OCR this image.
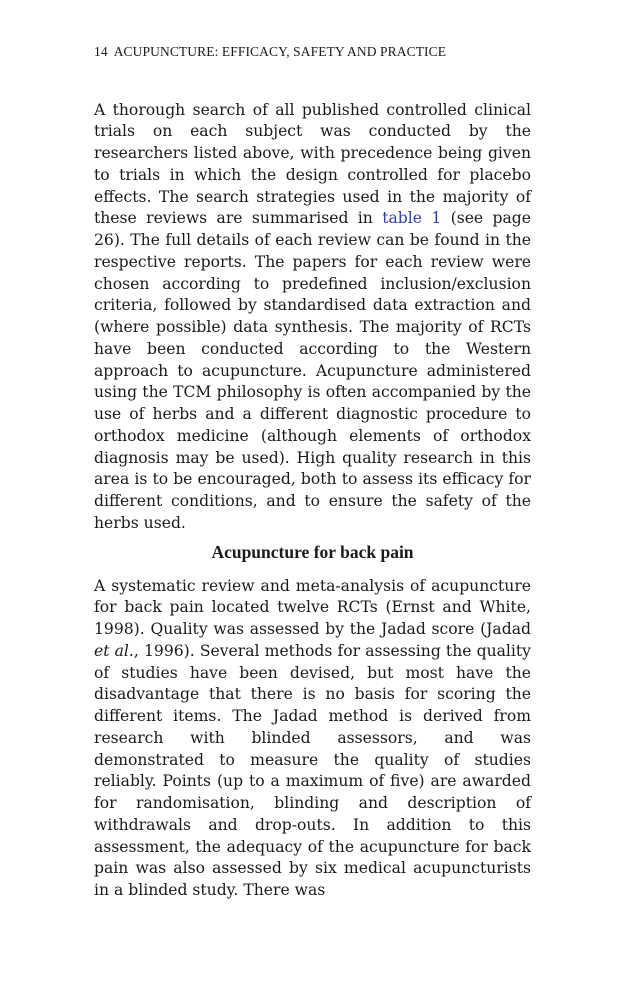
14 ACUPUNCTURE: EFFICACY, SAFETY AND PRACTICE

A thorough search of all published controlled clinical trials on each subject was conducted by the researchers listed above, with precedence being given to trials in which the design controlled for placebo effects. The search strategies used in the majority of these reviews are summarised in table 1 (see page 26). The full details of each review can be found in the respective reports. The papers for each review were chosen according to predefined inclusion/exclusion criteria, followed by standardised data extraction and (where possible) data synthesis. The majority of RCTs have been conducted according to the Western approach to acupuncture. Acupuncture administered using the TCM philosophy is often accompanied by the use of herbs and a different diagnostic procedure to orthodox medicine (although elements of orthodox diagnosis may be used). High quality research in this area is to be encouraged, both to assess its efficacy for different conditions, and to ensure the safety of the herbs used.

Acupuncture for back pain

A systematic review and meta-analysis of acupuncture for back pain located twelve RCTs (Ernst and White, 1998). Quality was assessed by the Jadad score (Jadad et al., 1996). Several methods for assessing the quality of studies have been devised, but most have the disadvantage that there is no basis for scoring the different items. The Jadad method is derived from research with blinded assessors, and was demonstrated to measure the quality of studies reliably. Points (up to a maximum of five) are awarded for randomisation, blinding and description of withdrawals and drop-outs. In addition to this assessment, the adequacy of the acupuncture for back pain was also assessed by six medical acupuncturists in a blinded study. There was
